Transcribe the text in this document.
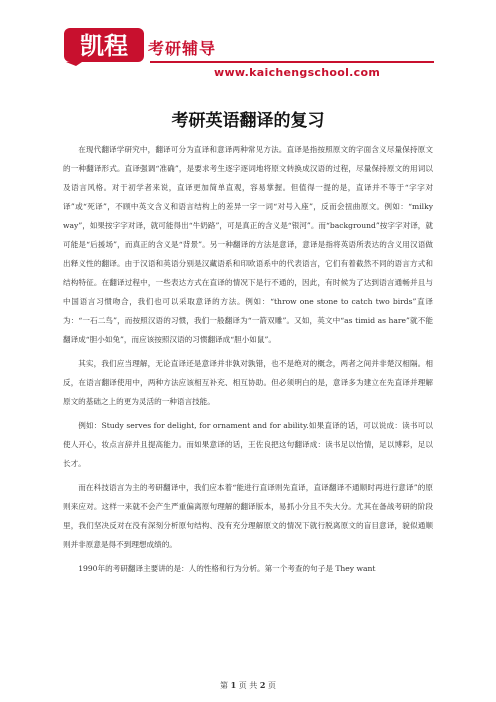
凯程 考研辅导
www.kaichengschool.com
考研英语翻译的复习

在现代翻译学研究中，翻译可分为直译和意译两种常见方法。直译是指按照原文的字面含义尽量保持原文的一种翻译形式。直译强调“准确”，是要求考生逐字逐词地将原文转换成汉语的过程，尽量保持原文的用词以及语言风格。对于初学者来说，直译更加简单直观，容易掌握。但值得一提的是，直译并不等于“字字对译”或“死译”，不顾中英文含义和语言结构上的差异一字一词“对号入座”，反而会扭曲原文。例如：“milky way”，如果按字字对译，就可能得出“牛奶路”，可是真正的含义是“银河”。而“background”按字字对译，就可能是“后援场”，而真正的含义是“背景”。另一种翻译的方法是意译，意译是指将英语所表达的含义用汉语做出释义性的翻译。由于汉语和英语分别是汉藏语系和印欧语系中的代表语言，它们有着截然不同的语言方式和结构特征。在翻译过程中，一些表达方式在直译的情况下是行不通的，因此，有时候为了达到语言通畅并且与中国语言习惯吻合，我们也可以采取意译的方法。例如：“throw one stone to catch two birds”直译为：“一石二鸟”，而按照汉语的习惯，我们一般翻译为“一箭双雕”。又如，英文中“as timid as hare”就不能翻译成“胆小如兔”，而应该按照汉语的习惯翻译成“胆小如鼠”。

其实，我们应当理解，无论直译还是意译并非孰对孰错，也不是绝对的概念，两者之间并非楚汉相隔。相反，在语言翻译使用中，两种方法应该相互补充、相互协助。但必须明白的是，意译多为建立在先直译并理解原文的基础之上的更为灵活的一种语言技能。

例如：Study serves for delight, for ornament and for ability.如果直译的话，可以说成：读书可以使人开心，妆点言辞并且提高能力。而如果意译的话，王佐良把这句翻译成：读书足以怡情，足以博彩，足以长才。

而在科技语言为主的考研翻译中，我们应本着“能进行直译则先直译，直译翻译不通顺时再进行意译”的原则来应对。这样一来就不会产生严重偏离原句理解的翻译版本，易抓小分且不失大分。尤其在备战考研的阶段里，我们坚决反对在没有深刻分析原句结构、没有充分理解原文的情况下就行脱离原文的盲目意译，貌似通顺则并非原意是得不到理想成绩的。

1990年的考研翻译主要讲的是：人的性格和行为分析。第一个考查的句子是 They want

第 1 页 共 2 页
